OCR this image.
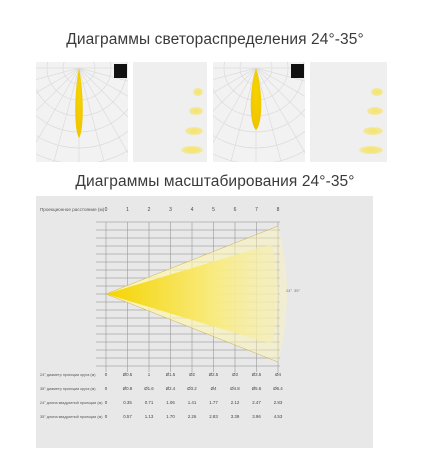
Диаграммы светораспределения 24°-35°
Диаграммы масштабирования 24°-35°
Проекционное расстояние (м) 0	1	2	3	4	5	6	7	8
24° 35°
24° диаметр проекции круга (м) 0	Ø0.5	1	Ø1.5	Ø2	Ø2.5	Ø3	Ø3.5	Ø4
35° диаметр проекции круга (м) 0	Ø0.8	Ø1.6	Ø2.4	Ø3.2	Ø4	Ø4.8	Ø5.6	Ø6.4
24° длина квадратной проекции (м) 0	0.35	0.71	1.06	1.41	1.77	2.12	2.47	2.83
35° длина квадратной проекции (м) 0	0.57	1.13	1.70	2.26	2.83	3.39	3.96	4.53
